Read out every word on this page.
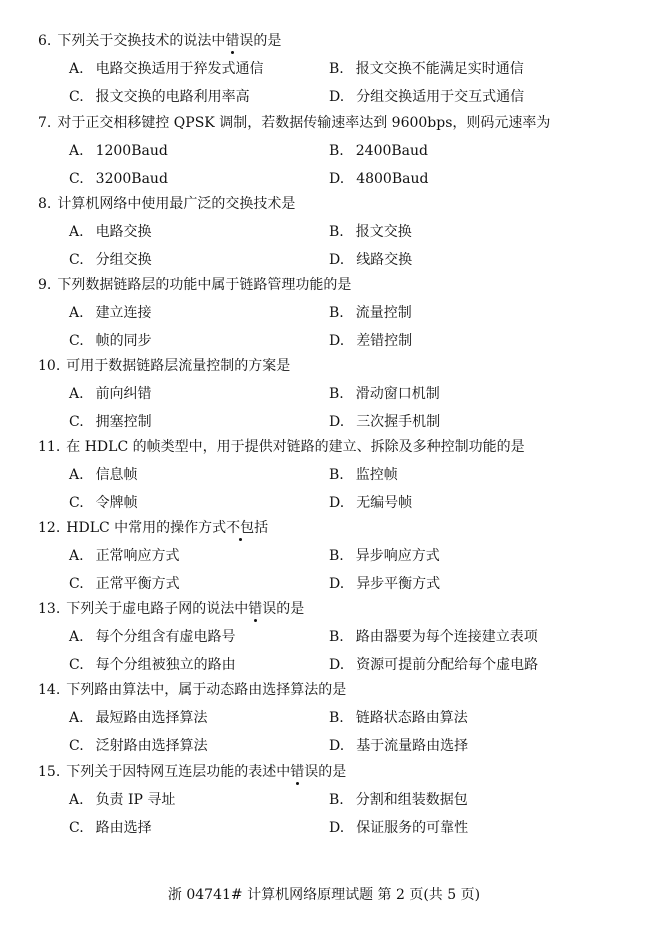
6. 下列关于交换技术的说法中错误的是
A. 电路交换适用于猝发式通信	B. 报文交换不能满足实时通信
C. 报文交换的电路利用率高	D. 分组交换适用于交互式通信
7. 对于正交相移键控 QPSK 调制，若数据传输速率达到 9600bps，则码元速率为
A. 1200Baud	B. 2400Baud
C. 3200Baud	D. 4800Baud
8. 计算机网络中使用最广泛的交换技术是
A. 电路交换	B. 报文交换
C. 分组交换	D. 线路交换
9. 下列数据链路层的功能中属于链路管理功能的是
A. 建立连接	B. 流量控制
C. 帧的同步	D. 差错控制
10. 可用于数据链路层流量控制的方案是
A. 前向纠错	B. 滑动窗口机制
C. 拥塞控制	D. 三次握手机制
11. 在 HDLC 的帧类型中，用于提供对链路的建立、拆除及多种控制功能的是
A. 信息帧	B. 监控帧
C. 令牌帧	D. 无编号帧
12. HDLC 中常用的操作方式不包括
A. 正常响应方式	B. 异步响应方式
C. 正常平衡方式	D. 异步平衡方式
13. 下列关于虚电路子网的说法中错误的是
A. 每个分组含有虚电路号	B. 路由器要为每个连接建立表项
C. 每个分组被独立的路由	D. 资源可提前分配给每个虚电路
14. 下列路由算法中，属于动态路由选择算法的是
A. 最短路由选择算法	B. 链路状态路由算法
C. 泛射路由选择算法	D. 基于流量路由选择
15. 下列关于因特网互连层功能的表述中错误的是
A. 负责 IP 寻址	B. 分割和组装数据包
C. 路由选择	D. 保证服务的可靠性
浙 04741# 计算机网络原理试题 第 2 页(共 5 页)
